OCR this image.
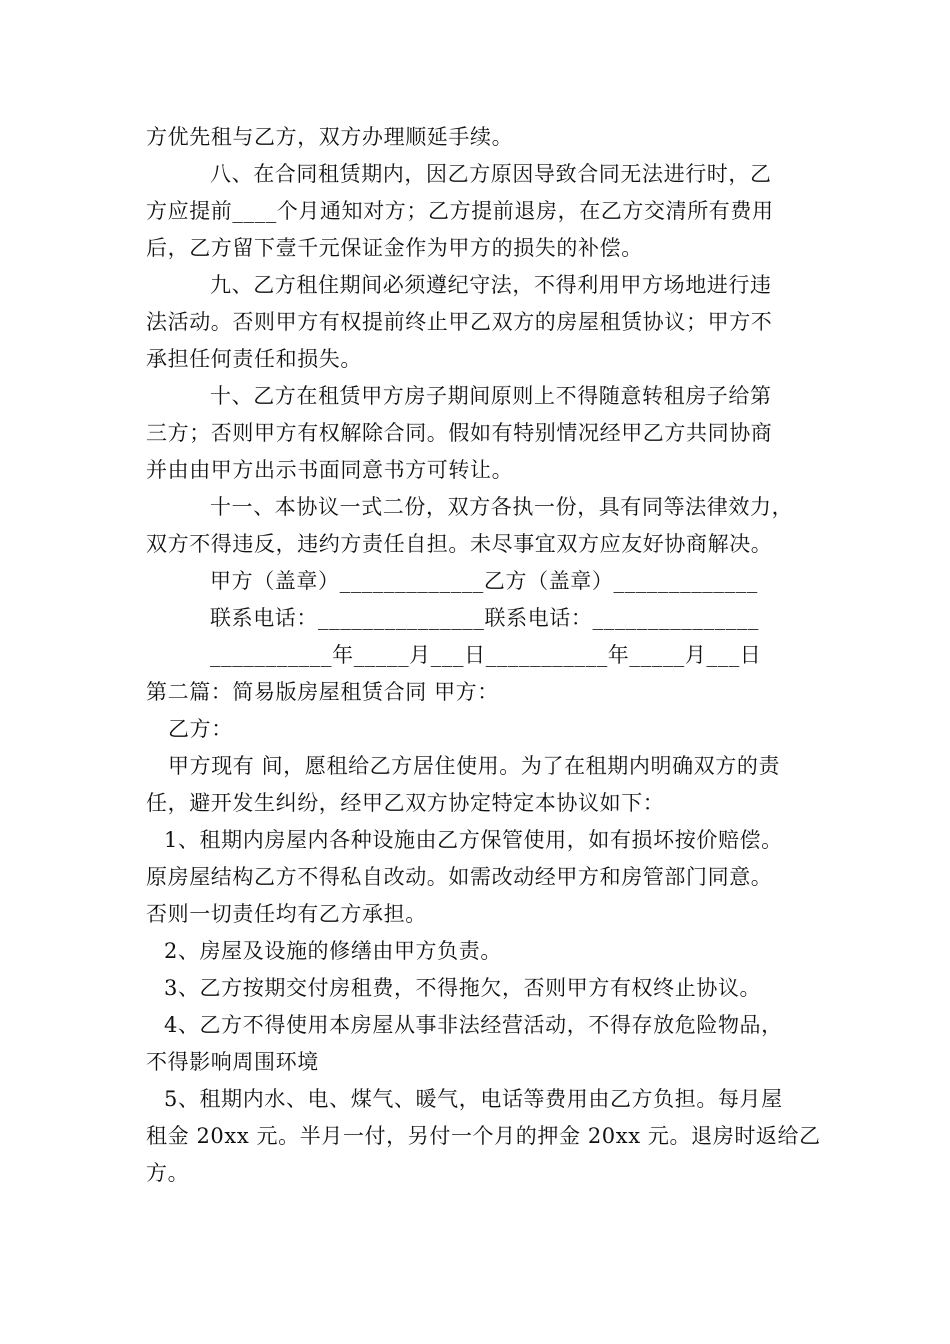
方优先租与乙方，双方办理顺延手续。
八、在合同租赁期内，因乙方原因导致合同无法进行时，乙
方应提前____个月通知对方；乙方提前退房，在乙方交清所有费用
后，乙方留下壹千元保证金作为甲方的损失的补偿。
九、乙方租住期间必须遵纪守法，不得利用甲方场地进行违
法活动。否则甲方有权提前终止甲乙双方的房屋租赁协议；甲方不
承担任何责任和损失。
十、乙方在租赁甲方房子期间原则上不得随意转租房子给第
三方；否则甲方有权解除合同。假如有特别情况经甲乙方共同协商
并由由甲方出示书面同意书方可转让。
十一、本协议一式二份，双方各执一份，具有同等法律效力，
双方不得违反，违约方责任自担。未尽事宜双方应友好协商解决。
甲方（盖章）_____________乙方（盖章）_____________
联系电话：_______________联系电话：_______________
___________年_____月___日___________年_____月___日
第二篇：简易版房屋租赁合同 甲方：
乙方：
甲方现有 间，愿租给乙方居住使用。为了在租期内明确双方的责
任，避开发生纠纷，经甲乙双方协定特定本协议如下：
1、租期内房屋内各种设施由乙方保管使用，如有损坏按价赔偿。
原房屋结构乙方不得私自改动。如需改动经甲方和房管部门同意。
否则一切责任均有乙方承担。
2、房屋及设施的修缮由甲方负责。
3、乙方按期交付房租费，不得拖欠，否则甲方有权终止协议。
4、乙方不得使用本房屋从事非法经营活动，不得存放危险物品，
不得影响周围环境
5、租期内水、电、煤气、暖气，电话等费用由乙方负担。每月屋
租金 20xx 元。半月一付，另付一个月的押金 20xx 元。退房时返给乙
方。
